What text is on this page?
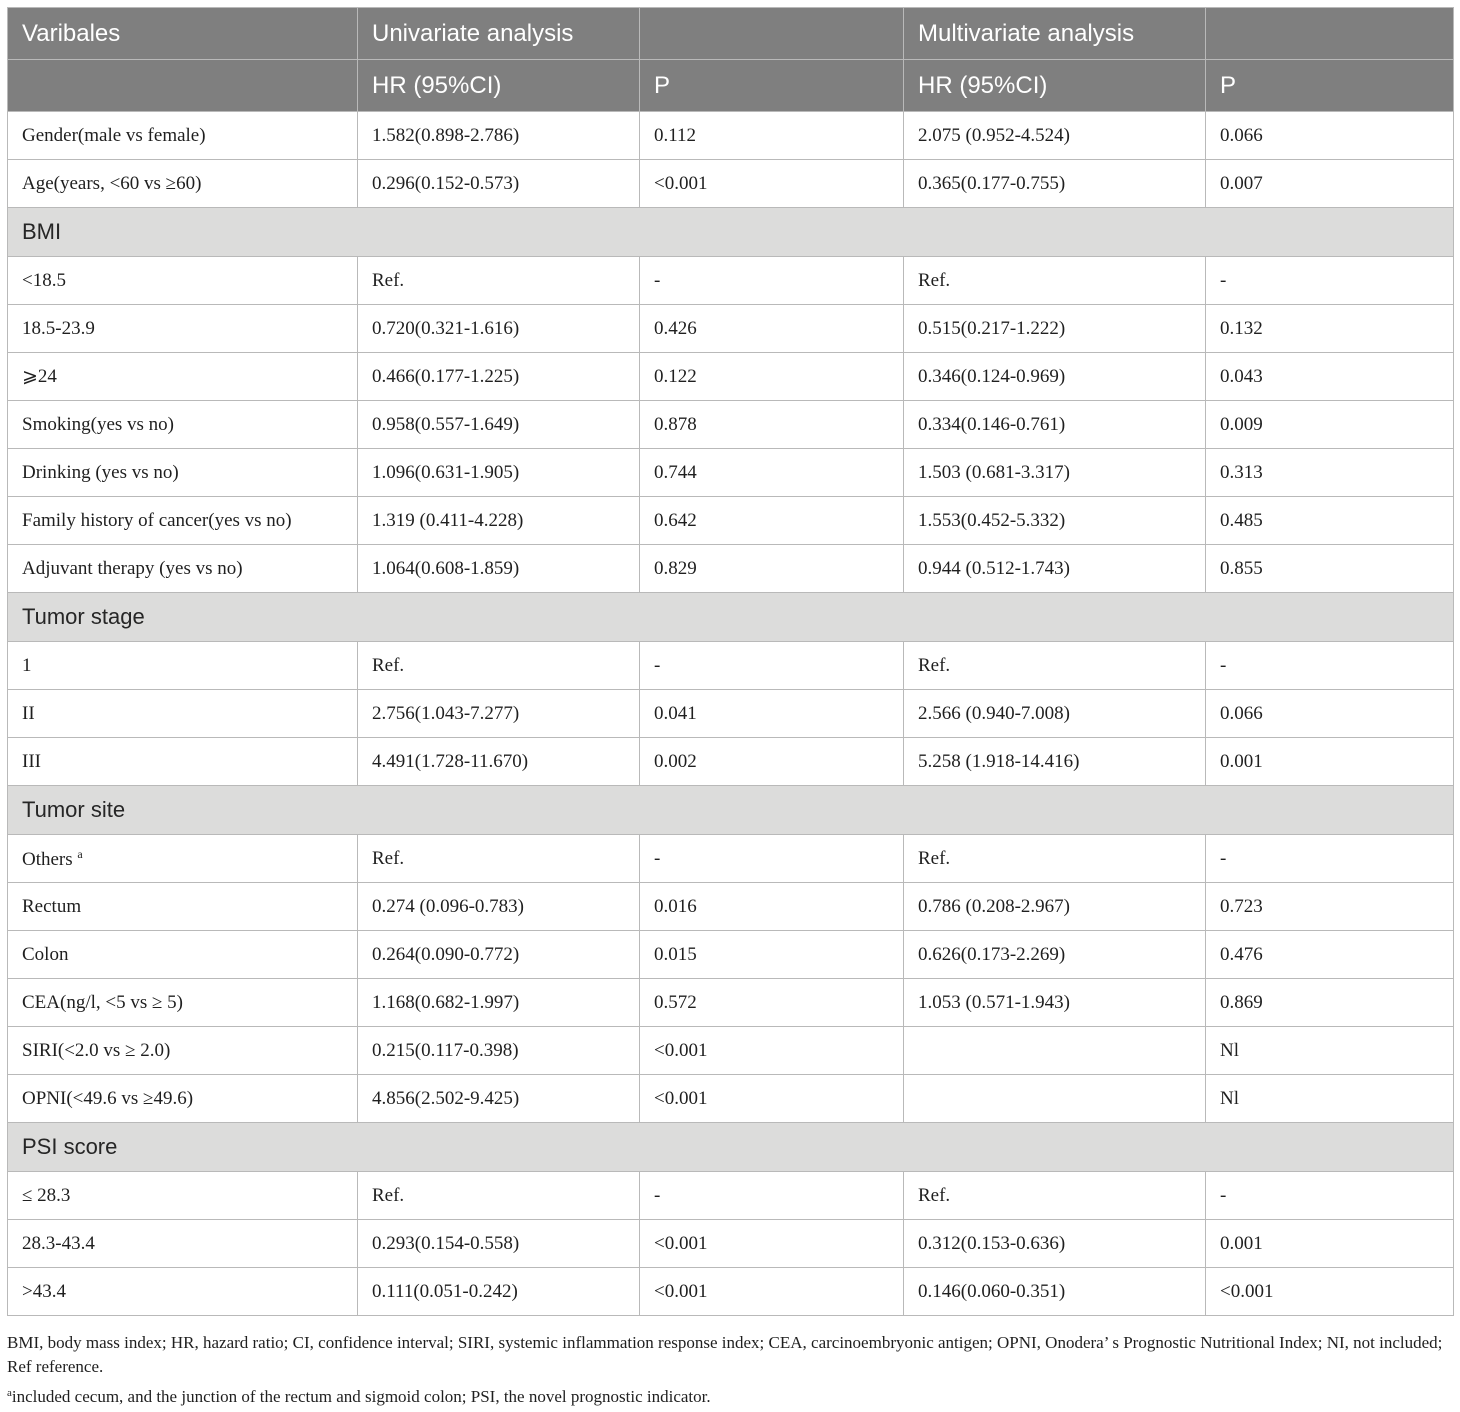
Varibales	Univariate analysis		Multivariate analysis	
	HR (95%CI)	P	HR (95%CI)	P
Gender(male vs female)	1.582(0.898-2.786)	0.112	2.075 (0.952-4.524)	0.066
Age(years, <60 vs ≥60)	0.296(0.152-0.573)	<0.001	0.365(0.177-0.755)	0.007
BMI				
<18.5	Ref.	-	Ref.	-
18.5-23.9	0.720(0.321-1.616)	0.426	0.515(0.217-1.222)	0.132
⩾24	0.466(0.177-1.225)	0.122	0.346(0.124-0.969)	0.043
Smoking(yes vs no)	0.958(0.557-1.649)	0.878	0.334(0.146-0.761)	0.009
Drinking (yes vs no)	1.096(0.631-1.905)	0.744	1.503 (0.681-3.317)	0.313
Family history of cancer(yes vs no)	1.319 (0.411-4.228)	0.642	1.553(0.452-5.332)	0.485
Adjuvant therapy (yes vs no)	1.064(0.608-1.859)	0.829	0.944 (0.512-1.743)	0.855
Tumor stage				
1	Ref.	-	Ref.	-
II	2.756(1.043-7.277)	0.041	2.566 (0.940-7.008)	0.066
III	4.491(1.728-11.670)	0.002	5.258 (1.918-14.416)	0.001
Tumor site				
Others $^a$	Ref.	-	Ref.	-
Rectum	0.274 (0.096-0.783)	0.016	0.786 (0.208-2.967)	0.723
Colon	0.264(0.090-0.772)	0.015	0.626(0.173-2.269)	0.476
CEA(ng/l, <5 vs ≥ 5)	1.168(0.682-1.997)	0.572	1.053 (0.571-1.943)	0.869
SIRI(<2.0 vs ≥ 2.0)	0.215(0.117-0.398)	<0.001		Nl
OPNI(<49.6 vs ≥49.6)	4.856(2.502-9.425)	<0.001		Nl
PSI score				
≤ 28.3	Ref.	-	Ref.	-
28.3-43.4	0.293(0.154-0.558)	<0.001	0.312(0.153-0.636)	0.001
>43.4	0.111(0.051-0.242)	<0.001	0.146(0.060-0.351)	<0.001
BMI, body mass index; HR, hazard ratio; CI, confidence interval; SIRI, systemic inflammation response index; CEA, carcinoembryonic antigen; OPNI, Onodera’ s Prognostic Nutritional Index; NI, not included; Ref reference.
$^a$included cecum, and the junction of the rectum and sigmoid colon; PSI, the novel prognostic indicator.
